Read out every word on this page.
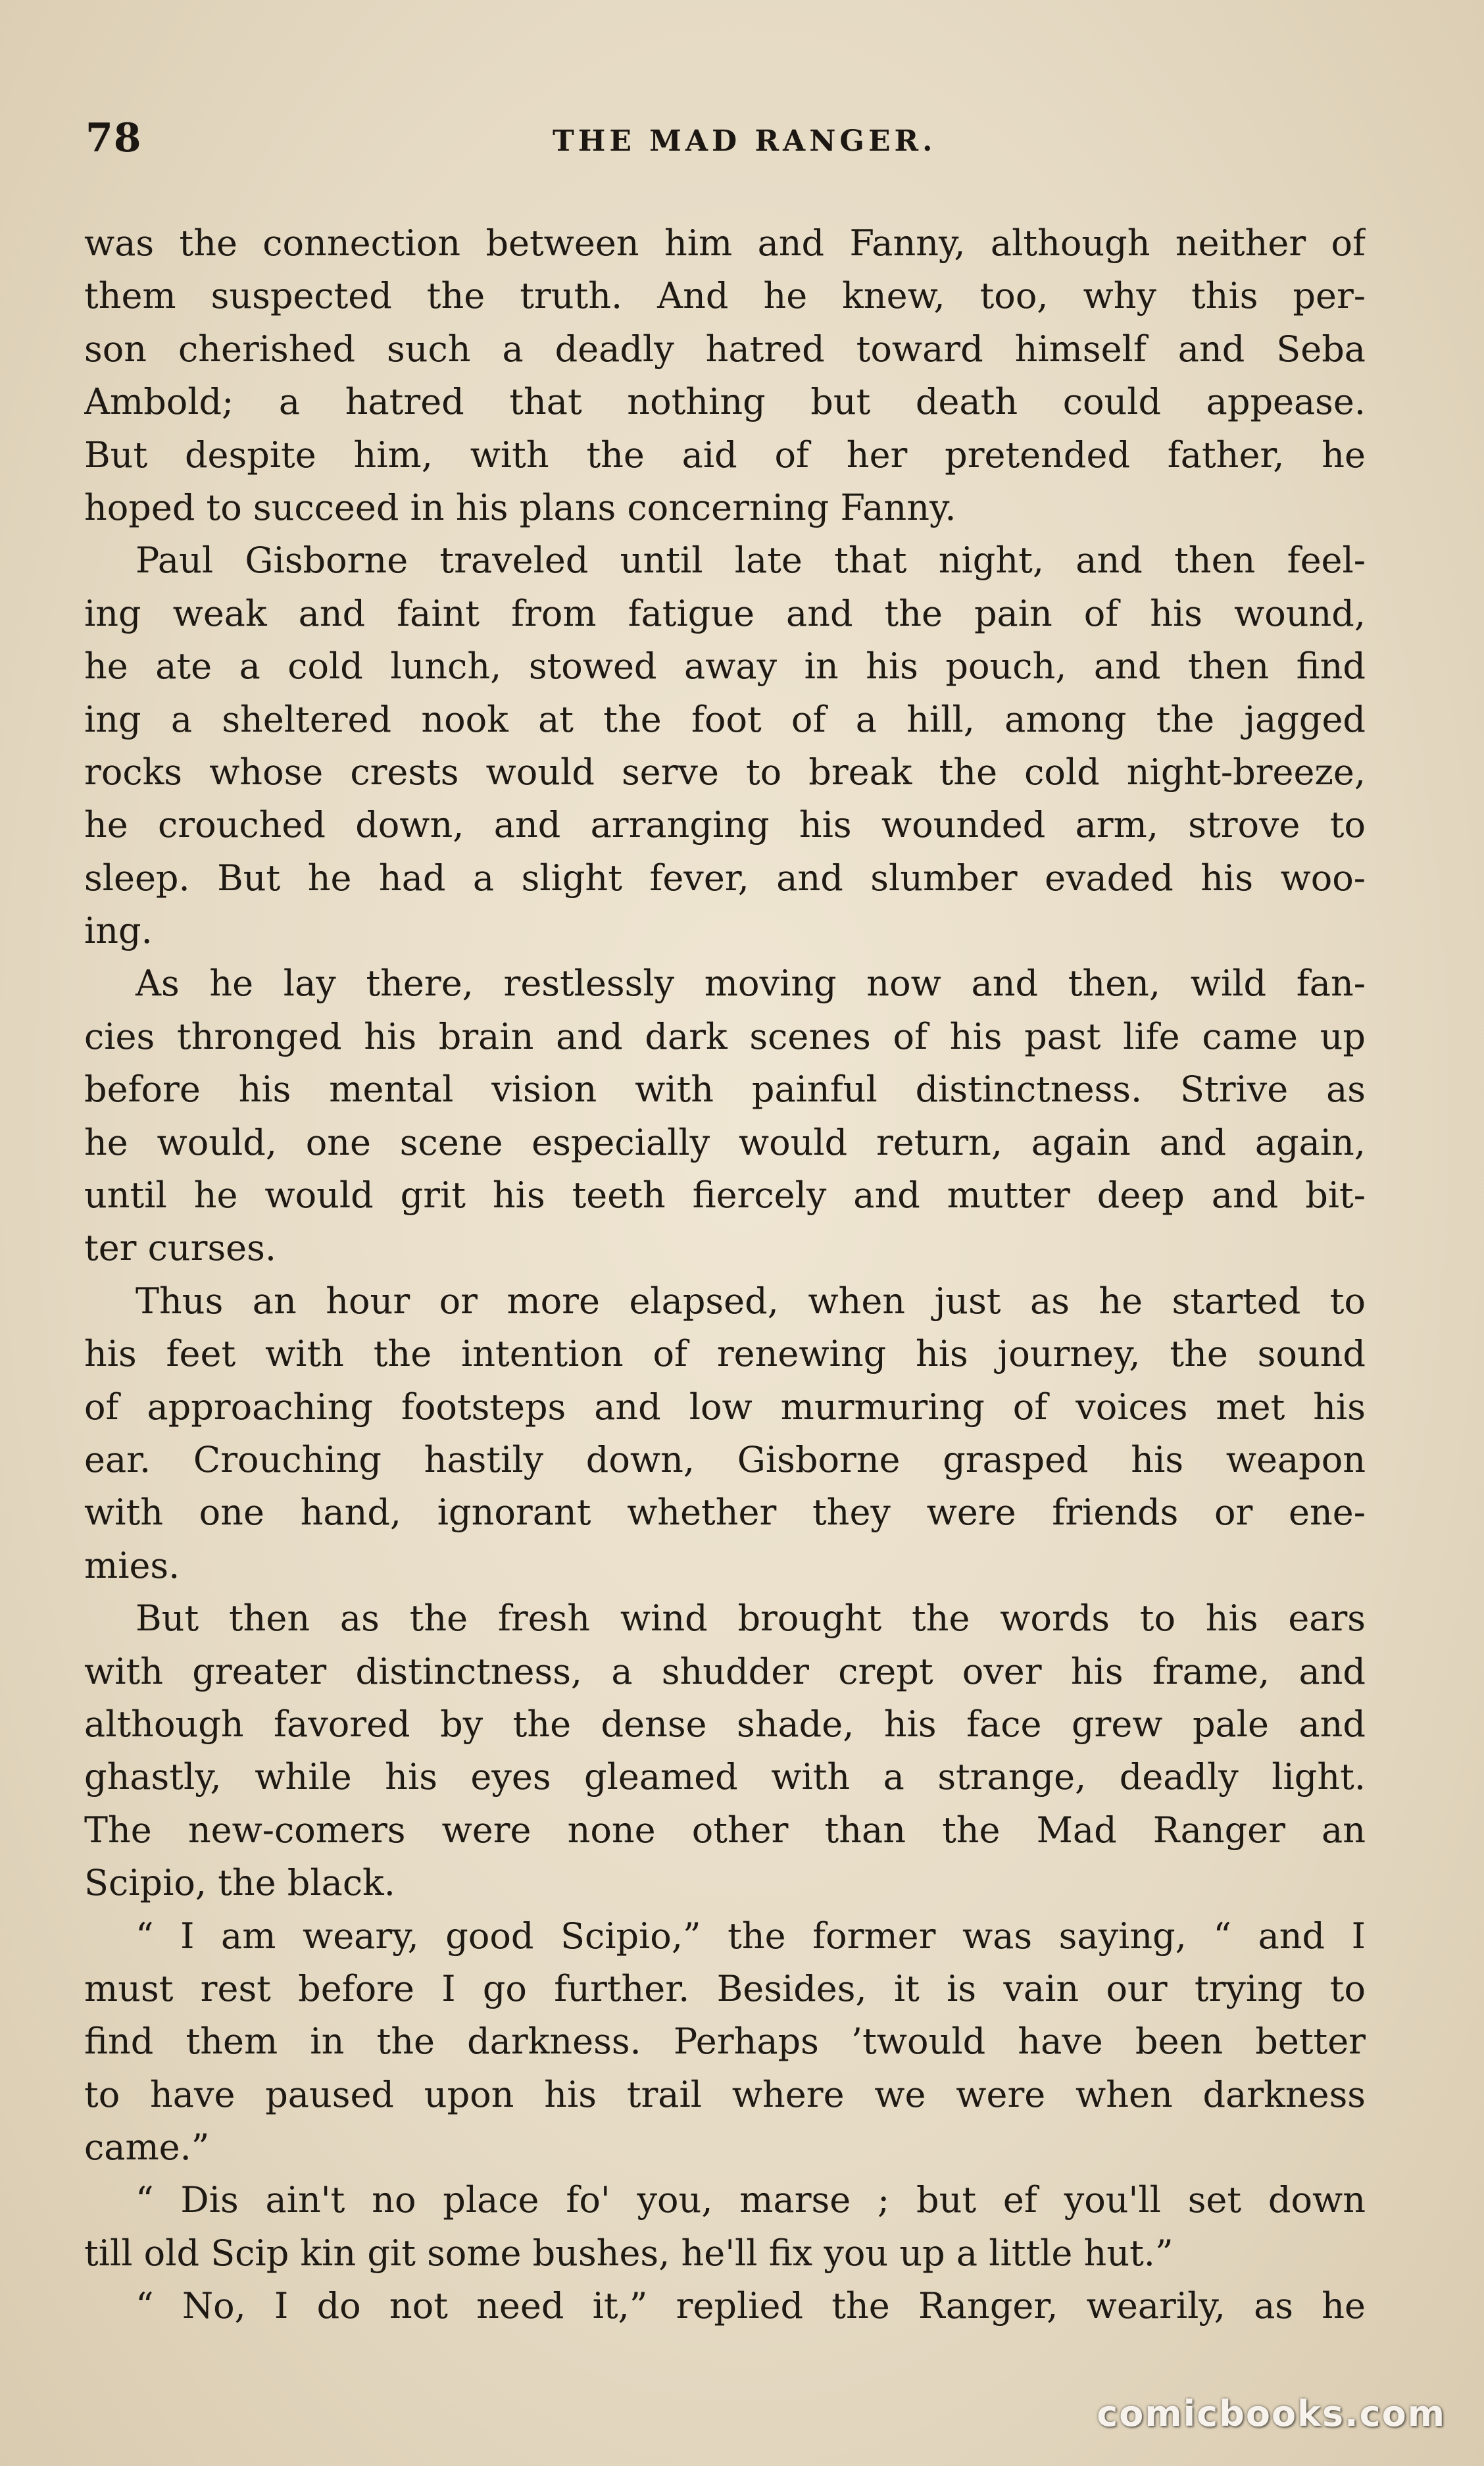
78	THE MAD RANGER.
was the connection between him and Fanny, although neither of
them suspected the truth. And he knew, too, why this per-
son cherished such a deadly hatred toward himself and Seba
Ambold; a hatred that nothing but death could appease.
But despite him, with the aid of her pretended father, he
hoped to succeed in his plans concerning Fanny.
Paul Gisborne traveled until late that night, and then feel-
ing weak and faint from fatigue and the pain of his wound,
he ate a cold lunch, stowed away in his pouch, and then find
ing a sheltered nook at the foot of a hill, among the jagged
rocks whose crests would serve to break the cold night-breeze,
he crouched down, and arranging his wounded arm, strove to
sleep. But he had a slight fever, and slumber evaded his woo-
ing.
As he lay there, restlessly moving now and then, wild fan-
cies thronged his brain and dark scenes of his past life came up
before his mental vision with painful distinctness. Strive as
he would, one scene especially would return, again and again,
until he would grit his teeth fiercely and mutter deep and bit-
ter curses.
Thus an hour or more elapsed, when just as he started to
his feet with the intention of renewing his journey, the sound
of approaching footsteps and low murmuring of voices met his
ear. Crouching hastily down, Gisborne grasped his weapon
with one hand, ignorant whether they were friends or ene-
mies.
But then as the fresh wind brought the words to his ears
with greater distinctness, a shudder crept over his frame, and
although favored by the dense shade, his face grew pale and
ghastly, while his eyes gleamed with a strange, deadly light.
The new-comers were none other than the Mad Ranger an
Scipio, the black.
“ I am weary, good Scipio,” the former was saying, “ and I
must rest before I go further. Besides, it is vain our trying to
find them in the darkness. Perhaps ’twould have been better
to have paused upon his trail where we were when darkness
came.”
“ Dis ain't no place fo' you, marse ; but ef you'll set down
till old Scip kin git some bushes, he'll fix you up a little hut.”
“ No, I do not need it,” replied the Ranger, wearily, as he
comicbooks.com
